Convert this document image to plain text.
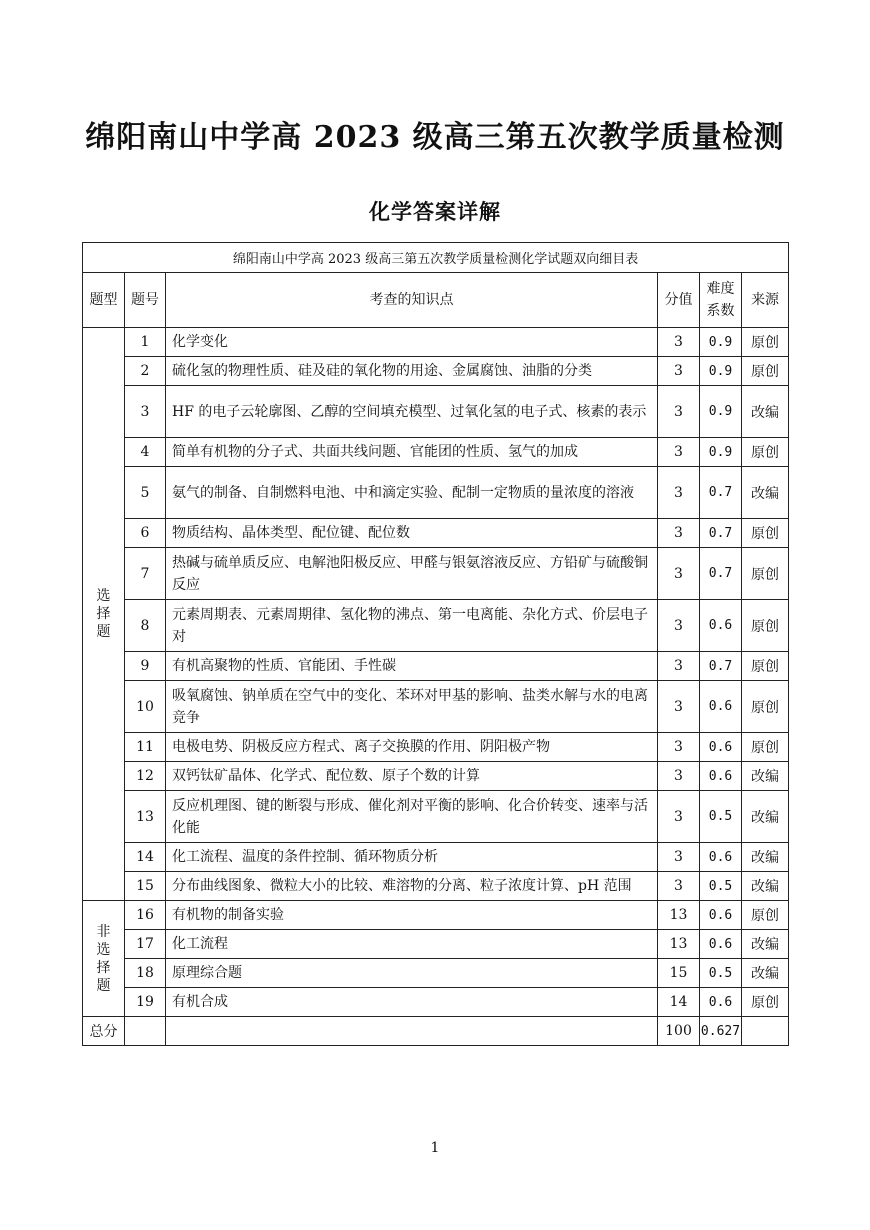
绵阳南山中学高 2023 级高三第五次教学质量检测
化学答案详解
绵阳南山中学高 2023 级高三第五次教学质量检测化学试题双向细目表					
题型	题号	考查的知识点	分值	难度系数	来源
选择题	1	化学变化	3	0.9	原创
	2	硫化氢的物理性质、硅及硅的氧化物的用途、金属腐蚀、油脂的分类	3	0.9	原创
	3	HF 的电子云轮廓图、乙醇的空间填充模型、过氧化氢的电子式、核素的表示	3	0.9	改编
	4	简单有机物的分子式、共面共线问题、官能团的性质、氢气的加成	3	0.9	原创
	5	氨气的制备、自制燃料电池、中和滴定实验、配制一定物质的量浓度的溶液	3	0.7	改编
	6	物质结构、晶体类型、配位键、配位数	3	0.7	原创
	7	热碱与硫单质反应、电解池阳极反应、甲醛与银氨溶液反应、方铅矿与硫酸铜反应	3	0.7	原创
	8	元素周期表、元素周期律、氢化物的沸点、第一电离能、杂化方式、价层电子对	3	0.6	原创
	9	有机高聚物的性质、官能团、手性碳	3	0.7	原创
	10	吸氧腐蚀、钠单质在空气中的变化、苯环对甲基的影响、盐类水解与水的电离竞争	3	0.6	原创
	11	电极电势、阴极反应方程式、离子交换膜的作用、阴阳极产物	3	0.6	原创
	12	双钙钛矿晶体、化学式、配位数、原子个数的计算	3	0.6	改编
	13	反应机理图、键的断裂与形成、催化剂对平衡的影响、化合价转变、速率与活化能	3	0.5	改编
	14	化工流程、温度的条件控制、循环物质分析	3	0.6	改编
	15	分布曲线图象、微粒大小的比较、难溶物的分离、粒子浓度计算、pH 范围	3	0.5	改编
非选择题	16	有机物的制备实验	13	0.6	原创
	17	化工流程	13	0.6	改编
	18	原理综合题	15	0.5	改编
	19	有机合成	14	0.6	原创
总分			100	0.627	
1
